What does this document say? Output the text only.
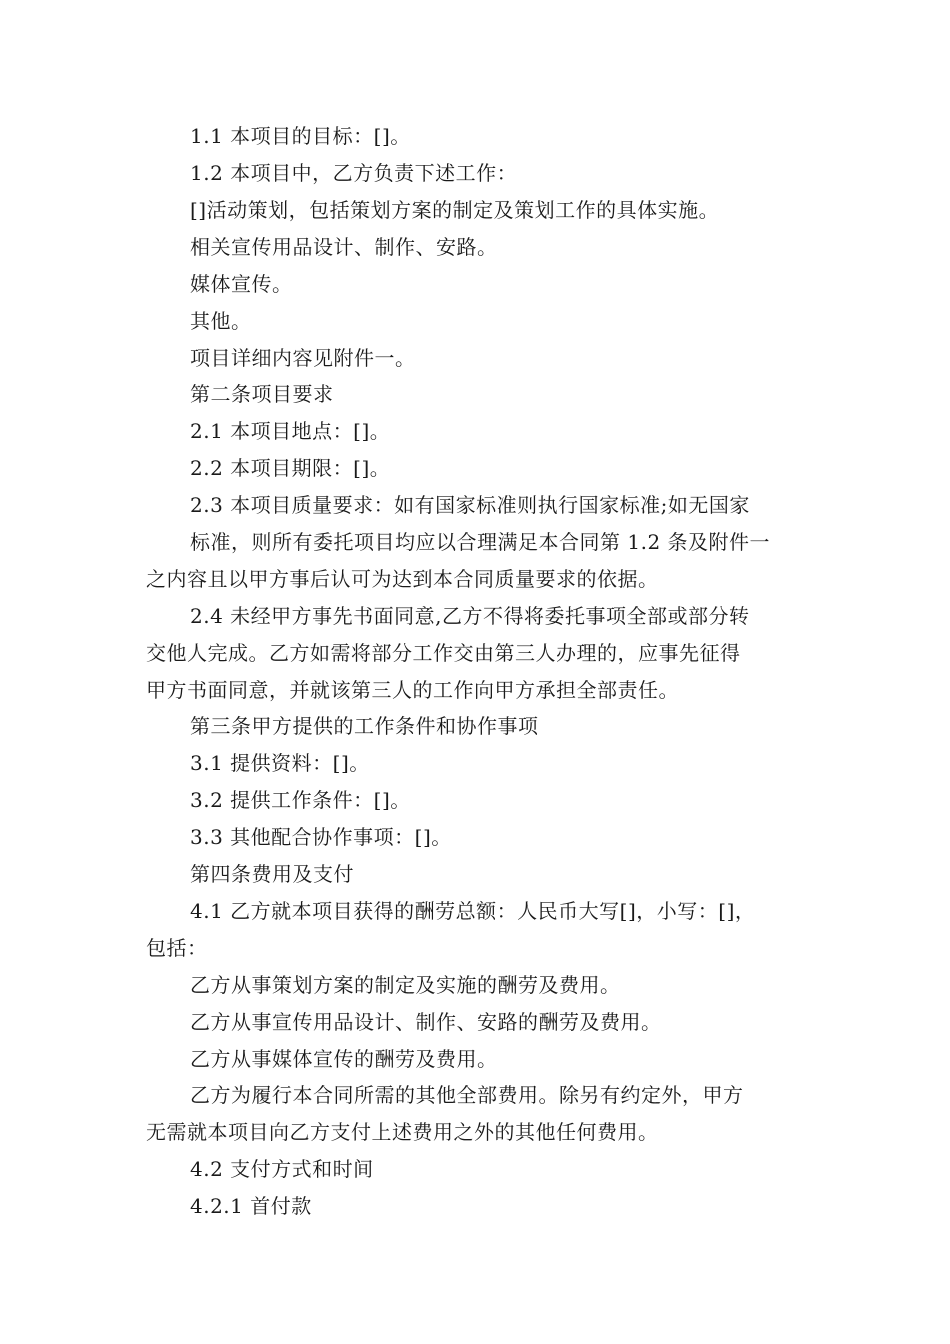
1.1 本项目的目标：[]。
1.2 本项目中，乙方负责下述工作：
[]活动策划，包括策划方案的制定及策划工作的具体实施。
相关宣传用品设计、制作、安路。
媒体宣传。
其他。
项目详细内容见附件一。
第二条项目要求
2.1 本项目地点：[]。
2.2 本项目期限：[]。
2.3 本项目质量要求：如有国家标准则执行国家标准;如无国家
标准，则所有委托项目均应以合理满足本合同第 1.2 条及附件一
之内容且以甲方事后认可为达到本合同质量要求的依据。
2.4 未经甲方事先书面同意,乙方不得将委托事项全部或部分转
交他人完成。乙方如需将部分工作交由第三人办理的，应事先征得
甲方书面同意，并就该第三人的工作向甲方承担全部责任。
第三条甲方提供的工作条件和协作事项
3.1 提供资料：[]。
3.2 提供工作条件：[]。
3.3 其他配合协作事项：[]。
第四条费用及支付
4.1 乙方就本项目获得的酬劳总额：人民币大写[]，小写：[]，
包括：
乙方从事策划方案的制定及实施的酬劳及费用。
乙方从事宣传用品设计、制作、安路的酬劳及费用。
乙方从事媒体宣传的酬劳及费用。
乙方为履行本合同所需的其他全部费用。除另有约定外，甲方
无需就本项目向乙方支付上述费用之外的其他任何费用。
4.2 支付方式和时间
4.2.1 首付款
